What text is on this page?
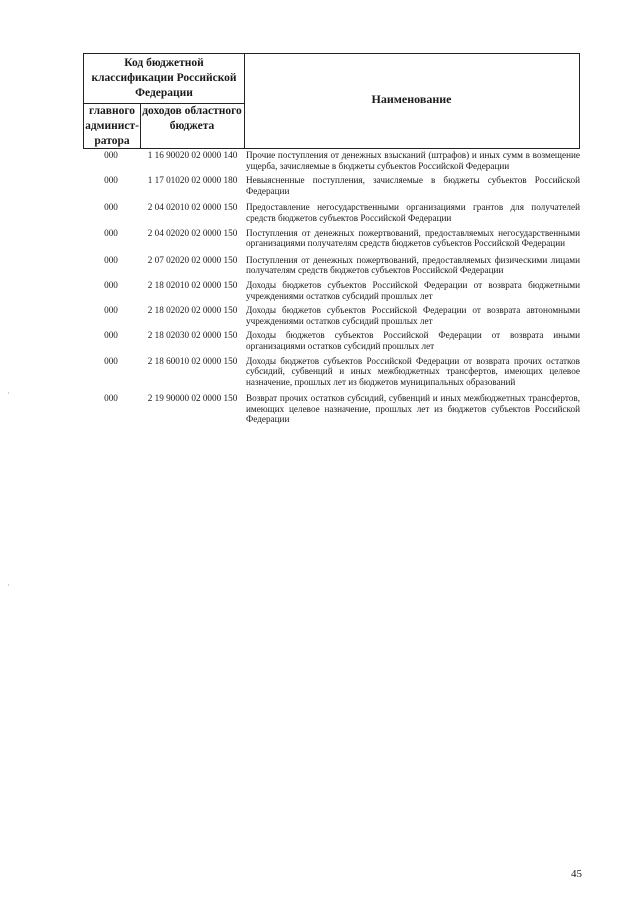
Код бюджетной классификации Российской Федерации
главного админист-ратора
доходов областного бюджета
Наименование
000	1 16 90020 02 0000 140 Прочие поступления от денежных взысканий (штрафов) и иных сумм в возмещение ущерба, зачисляемые в бюджеты субъектов Российской Федерации
000	1 17 01020 02 0000 180 Невыясненные поступления, зачисляемые в бюджеты субъектов Российской Федерации
000	2 04 02010 02 0000 150 Предоставление негосударственными организациями грантов для получателей средств бюджетов субъектов Российской Федерации
000	2 04 02020 02 0000 150 Поступления от денежных пожертвований, предоставляемых негосударственными организациями получателям средств бюджетов субъектов Российской Федерации
000	2 07 02020 02 0000 150 Поступления от денежных пожертвований, предоставляемых физическими лицами получателям средств бюджетов субъектов Российской Федерации
000	2 18 02010 02 0000 150 Доходы бюджетов субъектов Российской Федерации от возврата бюджетными учреждениями остатков субсидий прошлых лет
000	2 18 02020 02 0000 150 Доходы бюджетов субъектов Российской Федерации от возврата автономными учреждениями остатков субсидий прошлых лет
000	2 18 02030 02 0000 150 Доходы бюджетов субъектов Российской Федерации от возврата иными организациями остатков субсидий прошлых лет
000	2 18 60010 02 0000 150 Доходы бюджетов субъектов Российской Федерации от возврата прочих остатков субсидий, субвенций и иных межбюджетных трансфертов, имеющих целевое назначение, прошлых лет из бюджетов муниципальных образований
000	2 19 90000 02 0000 150 Возврат прочих остатков субсидий, субвенций и иных межбюджетных трансфертов, имеющих целевое назначение, прошлых лет из бюджетов субъектов Российской Федерации
45
